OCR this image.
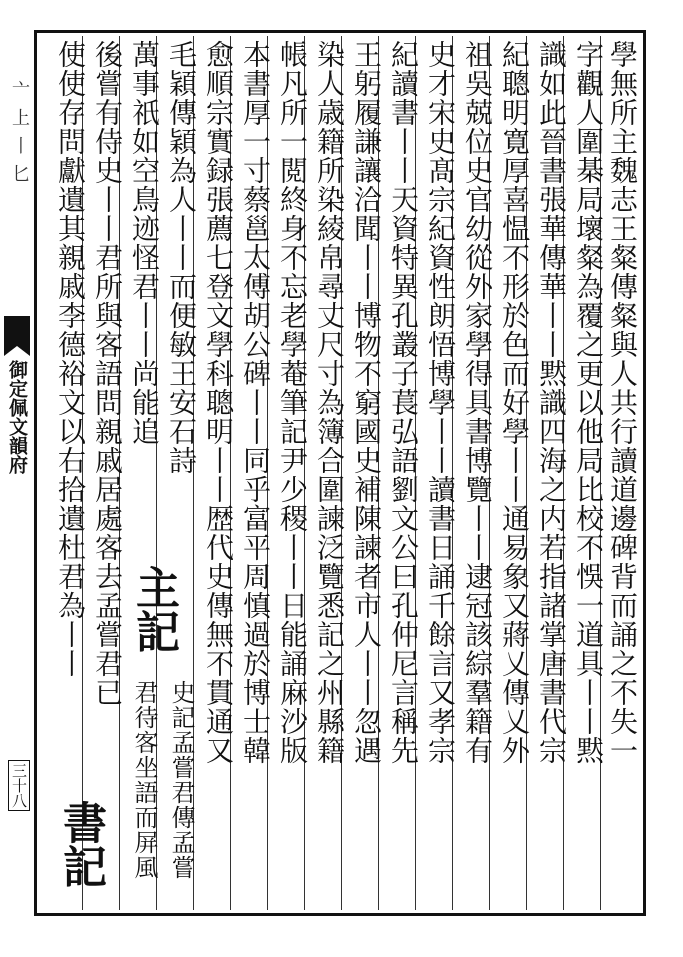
亠上丨匕
御定佩文韻府
三十八
學無所主魏志王粲傳粲與人共行讀道邊碑背而誦之不失一
字觀人圍棊局壞粲為覆之更以他局比校不悞一道具丨丨黙
識如此晉書張華傳華丨丨黙識四海之内若指諸掌唐書代宗
紀聰明寛厚喜愠不形於色而好學丨丨通易象又蔣乂傳乂外
祖吳兢位史官幼從外家學得具書博覽丨丨逮冠該綜羣籍有
史才宋史髙宗紀資性朗悟博學丨丨讀書日誦千餘言又孝宗
紀讀書丨丨天資特異孔叢子萇弘語劉文公曰孔仲尼言稱先
王躬履謙讓洽聞丨丨博物不窮國史補陳諫者市人丨丨忽遇
染人歳籍所染綾帛尋丈尺寸為簿合圍諫泛覽悉記之州縣籍
帳凡所一閲終身不忘老學菴筆記尹少稷丨丨日能誦麻沙版
本書厚一寸蔡邕太傅胡公碑丨丨同乎富平周慎過於博士韓
愈順宗實録張薦七登文學科聰明丨丨歴代史傳無不貫通又
毛穎傳穎為人丨丨而便敏王安石詩
萬事祇如空鳥迹怪君丨丨尚能追
主記
史記孟嘗君傳孟嘗
君待客坐語而屏風
後嘗有侍史丨丨君所與客語問親戚居處客去孟嘗君已
使使存問獻遺其親戚李德裕文以右拾遺杜君為丨丨
書記
